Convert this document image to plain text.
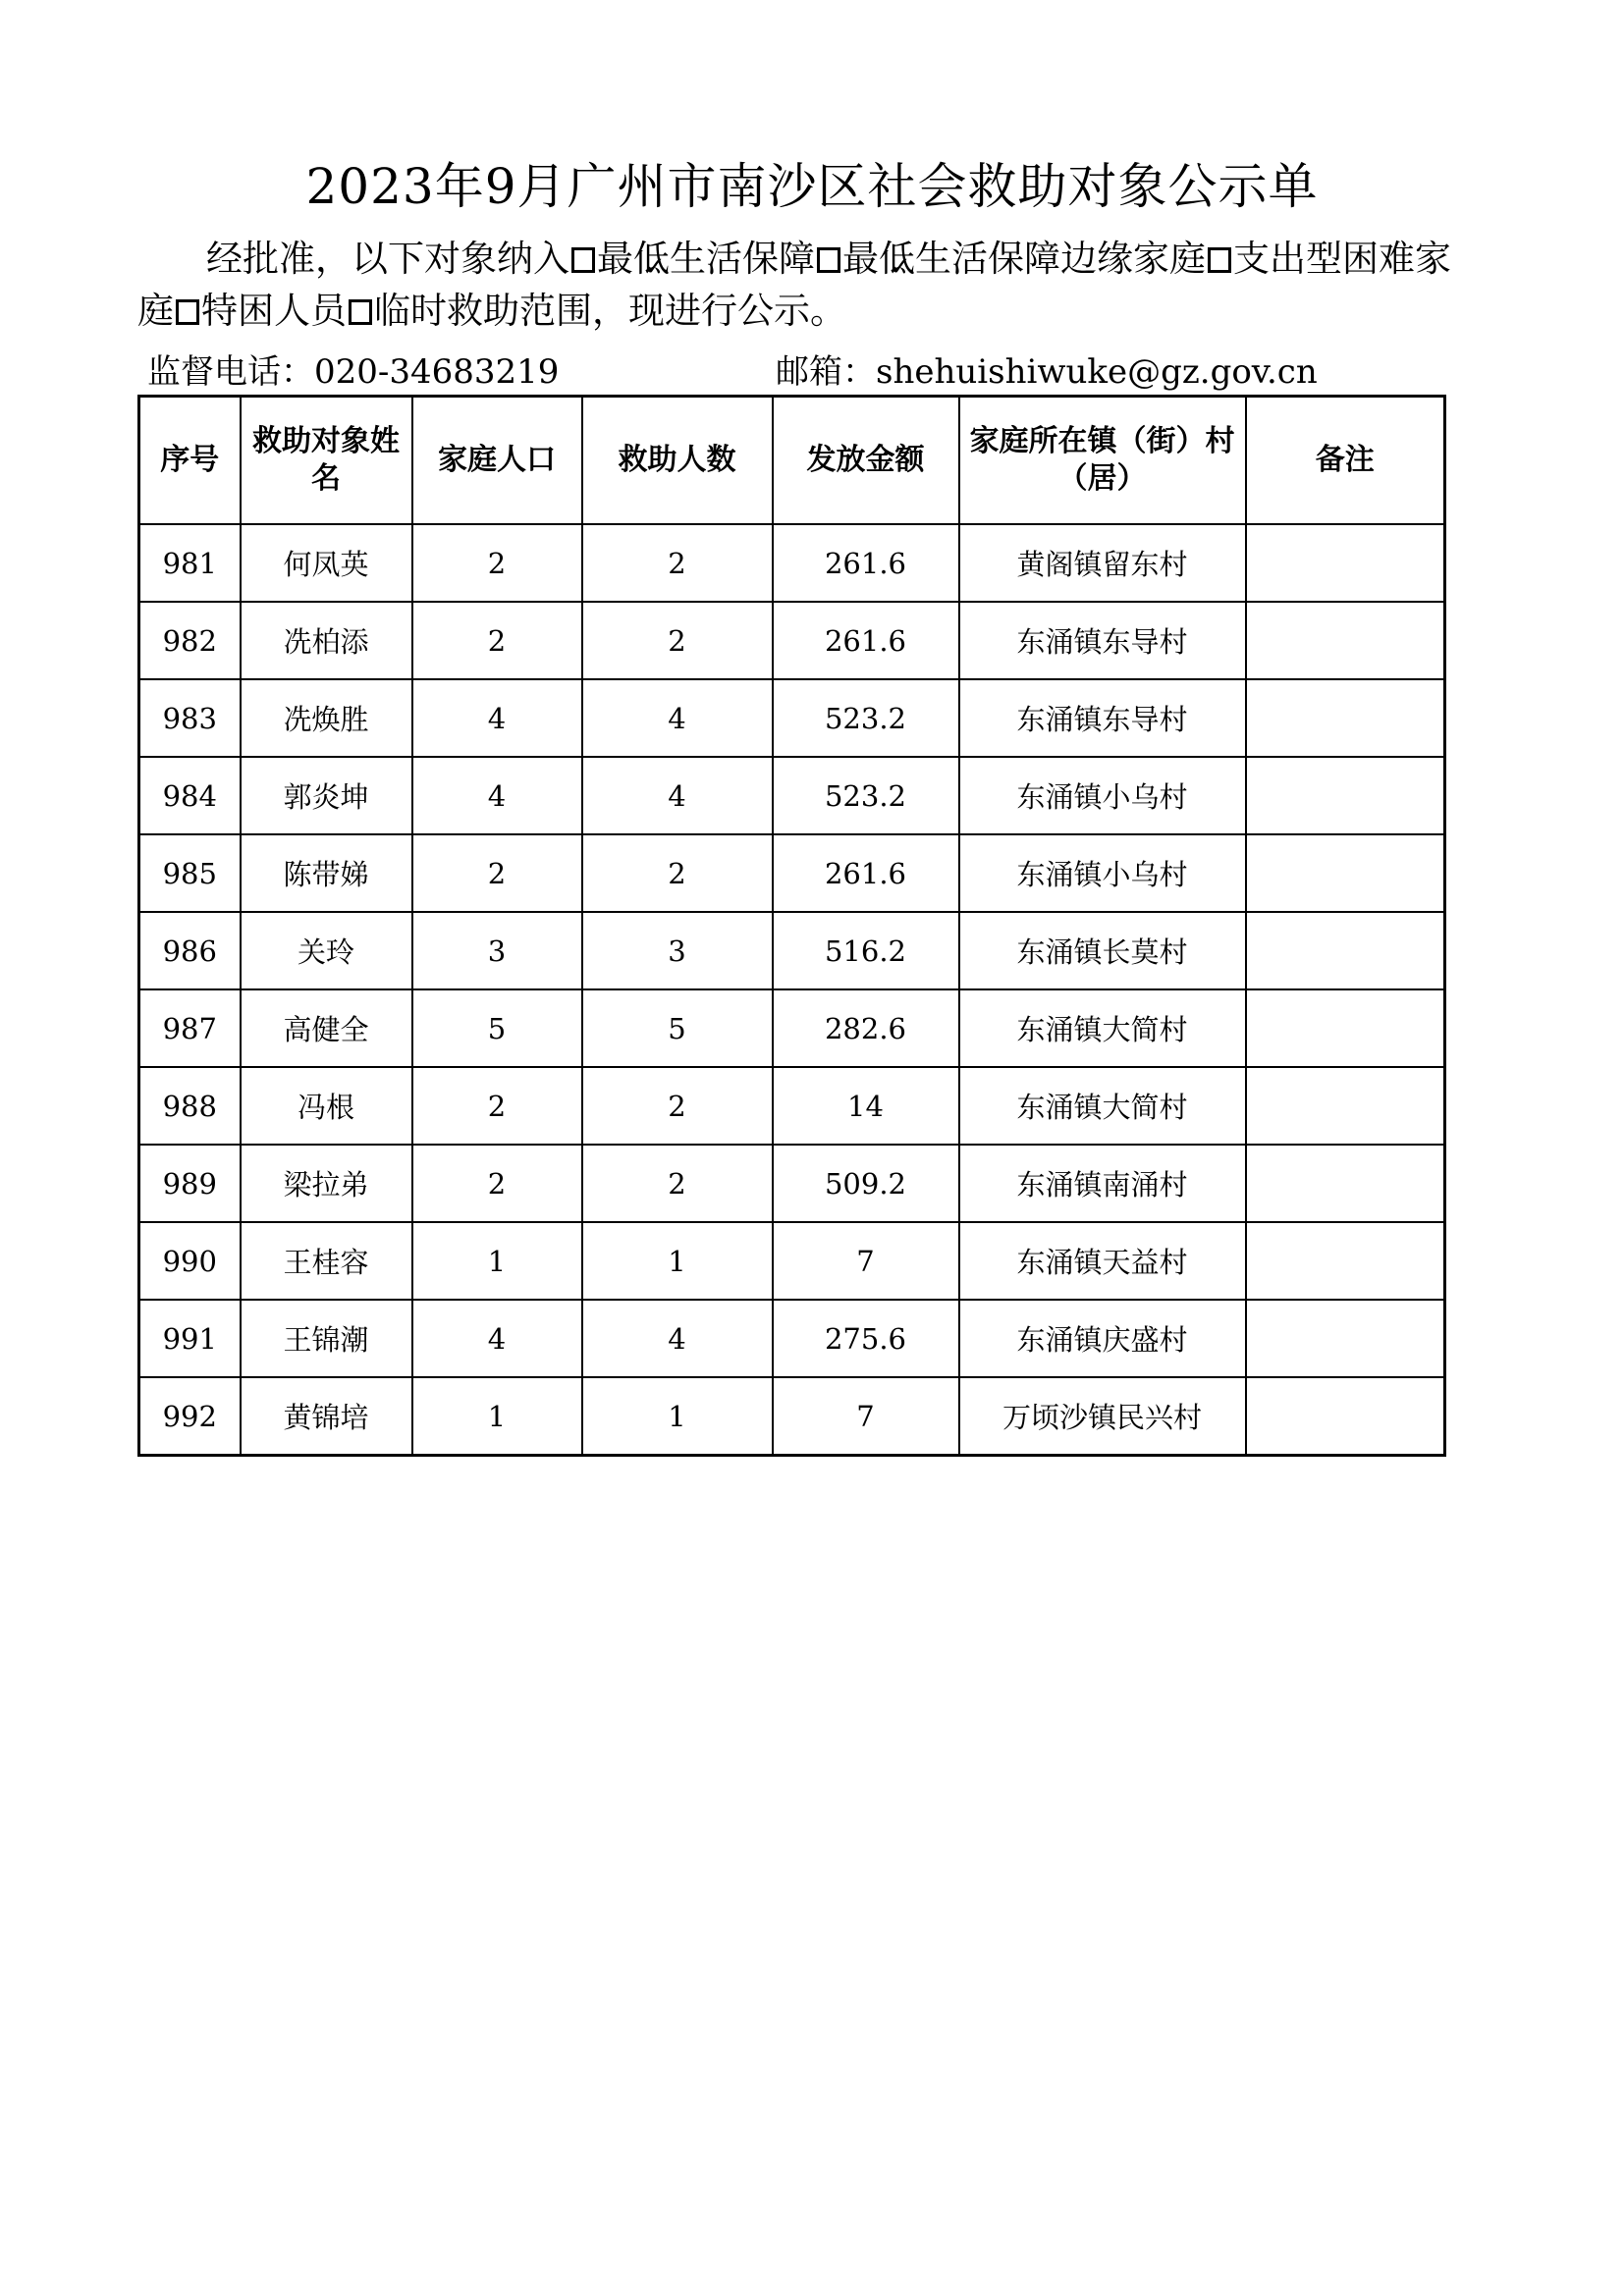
2023年9月广州市南沙区社会救助对象公示单
经批准，以下对象纳入 ✓ 最低生活保障 ✓ 最低生活保障边缘家庭 支出型困难家庭 特困人员 临时救助范围，现进行公示。
监督电话：020-34683219	邮箱：shehuishiwuke@gz.gov.cn
序号	救助对象姓名	家庭人口	救助人数	发放金额	家庭所在镇（街）村（居）	备注

981	何凤英	2	2	261.6	黄阁镇留东村	
982	冼柏添	2	2	261.6	东涌镇东导村	
983	冼焕胜	4	4	523.2	东涌镇东导村	
984	郭炎坤	4	4	523.2	东涌镇小乌村	
985	陈带娣	2	2	261.6	东涌镇小乌村	
986	关玲	3	3	516.2	东涌镇长莫村	
987	高健全	5	5	282.6	东涌镇大简村	
988	冯根	2	2	14	东涌镇大简村	
989	梁拉弟	2	2	509.2	东涌镇南涌村	
990	王桂容	1	1	7	东涌镇天益村	
991	王锦潮	4	4	275.6	东涌镇庆盛村	
992	黄锦培	1	1	7	万顷沙镇民兴村	
